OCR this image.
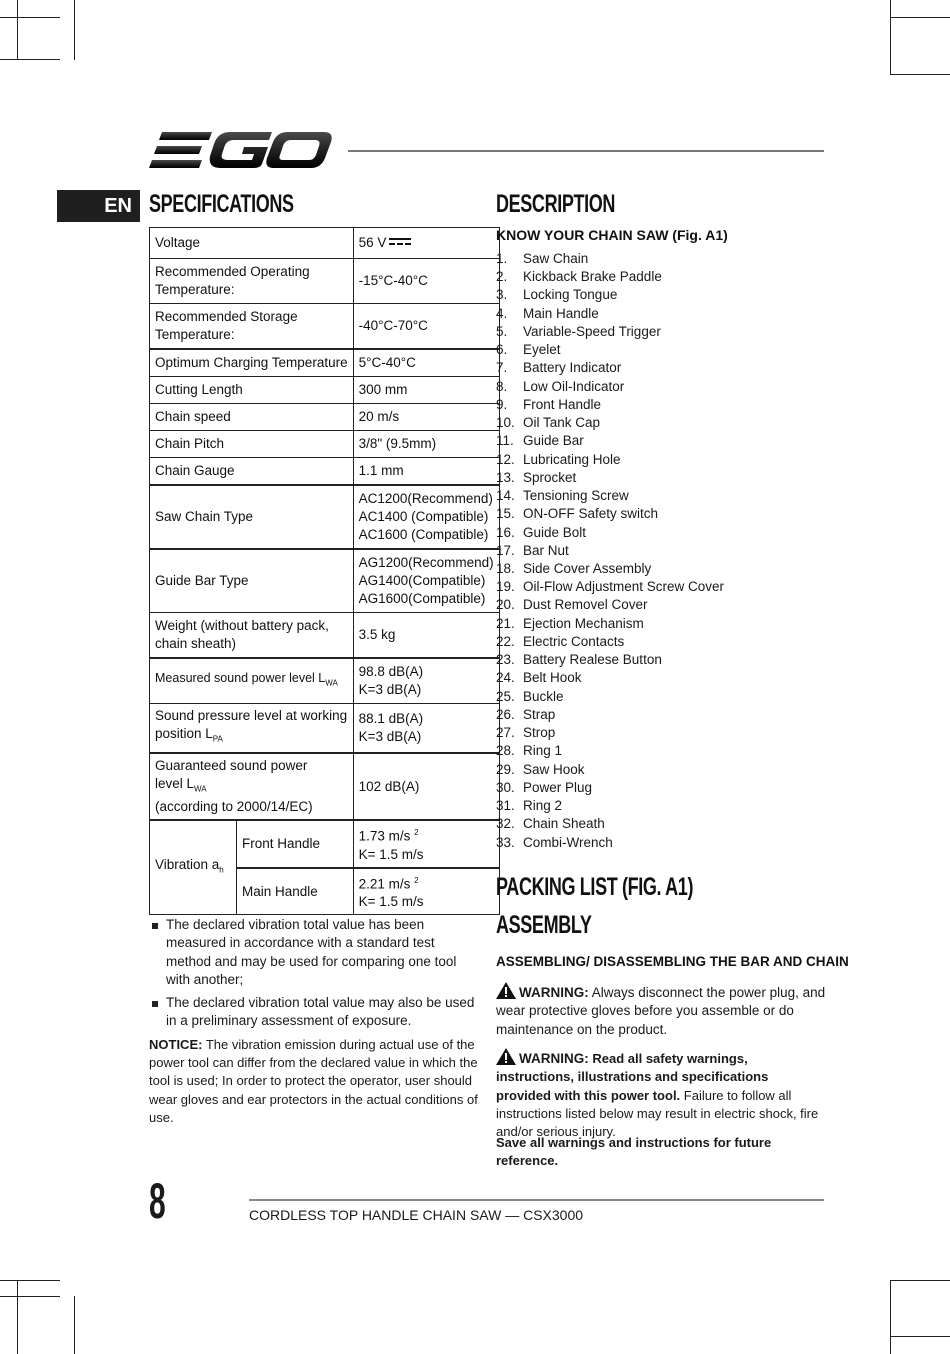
EN SPECIFICATIONS
Voltage		56 V

Recommended Operating Temperature:		-15°C-40°C
Recommended Storage Temperature:		-40°C-70°C
Optimum Charging Temperature		5°C-40°C
Cutting Length		300 mm
Chain speed		20 m/s
Chain Pitch		3/8" (9.5mm)
Chain Gauge		1.1 mm
Saw Chain Type		AC1200(Recommend)
AC1400 (Compatible)
AC1600 (Compatible)

Guide Bar Type		AG1200(Recommend)
AG1400(Compatible)
AG1600(Compatible)

Weight (without battery pack, chain sheath)		3.5 kg
Measured sound power level $L_{WA}$		98.8 dB(A)
K=3 dB(A)

Sound pressure level at working position $L_{PA}$		88.1 dB(A)
K=3 dB(A)

Guaranteed sound power
level $L_{WA}$
(according to 2000/14/EC)		102 dB(A)
Vibration $a_h$	Front Handle	1.73 m/s $^2$
K= 1.5 m/s

	Main Handle	2.21 m/s $^2$
K= 1.5 m/s
The declared vibration total value has been measured in accordance with a standard test method and may be used for comparing one tool with another;
The declared vibration total value may also be used in a preliminary assessment of exposure.
NOTICE: The vibration emission during actual use of the power tool can differ from the declared value in which the tool is used; In order to protect the operator, user should wear gloves and ear protectors in the actual conditions of use.
DESCRIPTION
KNOW YOUR CHAIN SAW (Fig. A1)
1. Saw Chain
2. Kickback Brake Paddle
3. Locking Tongue
4. Main Handle
5. Variable-Speed Trigger
6. Eyelet
7. Battery Indicator
8. Low Oil-Indicator
9. Front Handle
10. Oil Tank Cap
11. Guide Bar
12. Lubricating Hole
13. Sprocket
14. Tensioning Screw
15. ON-OFF Safety switch
16. Guide Bolt
17. Bar Nut
18. Side Cover Assembly
19. Oil-Flow Adjustment Screw Cover
20. Dust Removel Cover
21. Ejection Mechanism
22. Electric Contacts
23. Battery Realese Button
24. Belt Hook
25. Buckle
26. Strap
27. Strop
28. Ring 1
29. Saw Hook
30. Power Plug
31. Ring 2
32. Chain Sheath
33. Combi-Wrench
PACKING LIST (FIG. A1)
ASSEMBLY
ASSEMBLING/ DISASSEMBLING THE BAR AND CHAIN
WARNING: Always disconnect the power plug, and wear protective gloves before you assemble or do maintenance on the product.
WARNING: Read all safety warnings, instructions, illustrations and specifications provided with this power tool. Failure to follow all instructions listed below may result in electric shock, fire and/or serious injury.
Save all warnings and instructions for future reference.
8	CORDLESS TOP HANDLE CHAIN SAW — CSX3000
